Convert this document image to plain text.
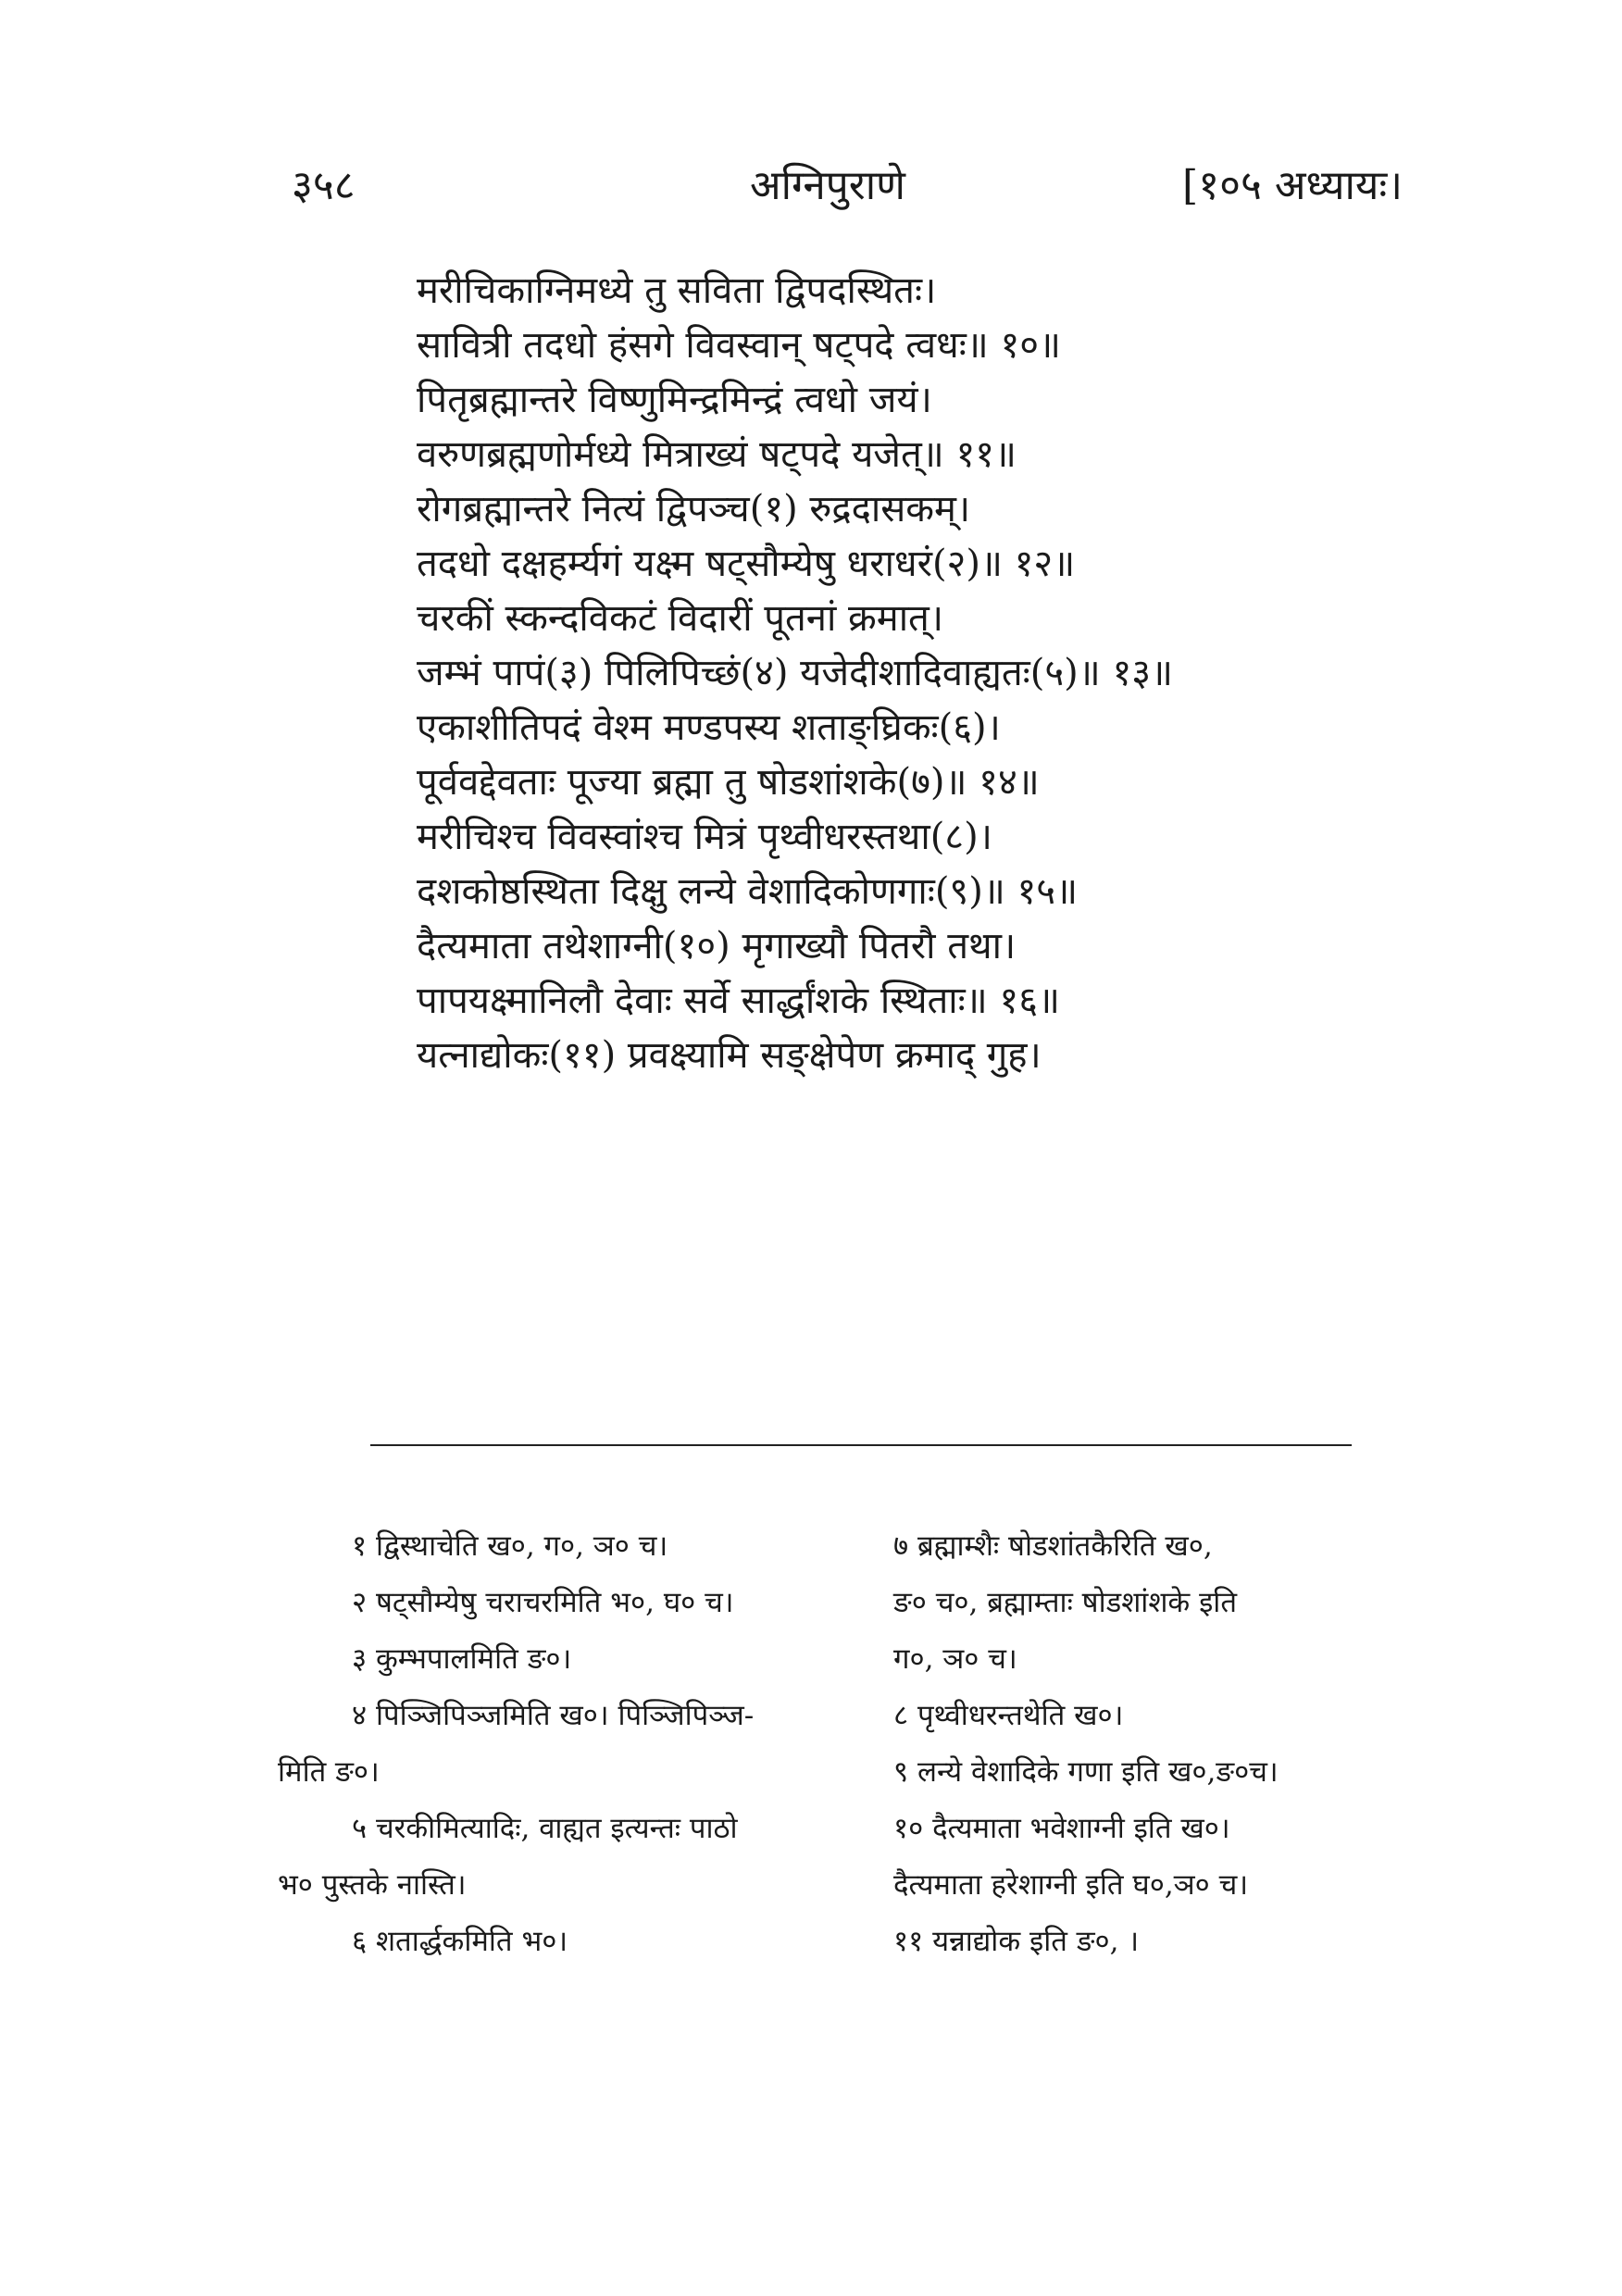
३५८	अग्निपुराणे	[१०५ अध्यायः।
मरीचिकाग्निमध्ये तु सविता द्विपदस्थितः।
सावित्री तदधो हंसगे विवस्वान् षट्पदे त्वधः॥ १०॥
पितृब्रह्मान्तरे विष्णुमिन्द्रमिन्द्रं त्वधो जयं।
वरुणब्रह्मणोर्मध्ये मित्राख्यं षट्पदे यजेत्॥ ११॥
रोगब्रह्मान्तरे नित्यं द्विपञ्च(१) रुद्रदासकम्।
तदधो दक्षहर्म्यगं यक्ष्म षट्सौम्येषु धराधरं(२)॥ १२॥
चरकीं स्कन्दविकटं विदारीं पूतनां क्रमात्।
जम्भं पापं(३) पिलिपिच्छं(४) यजेदीशादिवाह्यतः(५)॥ १३॥
एकाशीतिपदं वेश्म मण्डपस्य शताङ्घ्रिकः(६)।
पूर्ववद्देवताः पूज्या ब्रह्मा तु षोडशांशके(७)॥ १४॥
मरीचिश्च विवस्वांश्च मित्रं पृथ्वीधरस्तथा(८)।
दशकोष्ठस्थिता दिक्षु लन्ये वेशादिकोणगाः(९)॥ १५॥
दैत्यमाता तथेशाग्नी(१०) मृगाख्यौ पितरौ तथा।
पापयक्ष्मानिलौ देवाः सर्वे सार्द्धांशके स्थिताः॥ १६॥
यत्नाद्योकः(११) प्रवक्ष्यामि सङ्क्षेपेण क्रमाद् गुह।
१ द्विस्थाचेति ख०, ग०, ञ० च।
२ षट्सौम्येषु चराचरमिति भ०, घ० च।
३ कुम्भपालमिति ङ०।
४ पिञ्जिपिञ्जमिति ख०। पिञ्जिपिञ्ज-
मिति ङ०।
५ चरकीमित्यादिः, वाह्यत इत्यन्तः पाठो
भ० पुस्तके नास्ति।
६ शतार्द्धकमिति भ०।
७ ब्रह्माम्शैः षोडशांतकैरिति ख०,
ङ० च०, ब्रह्माम्ताः षोडशांशके इति
ग०, ञ० च।
८ पृथ्वीधरन्तथेति ख०।
९ लन्ये वेशादिके गणा इति ख०,ङ०च।
१० दैत्यमाता भवेशाग्नी इति ख०।
दैत्यमाता हरेशाग्नी इति घ०,ञ० च।
११ यन्नाद्योक इति ङ०, ।
